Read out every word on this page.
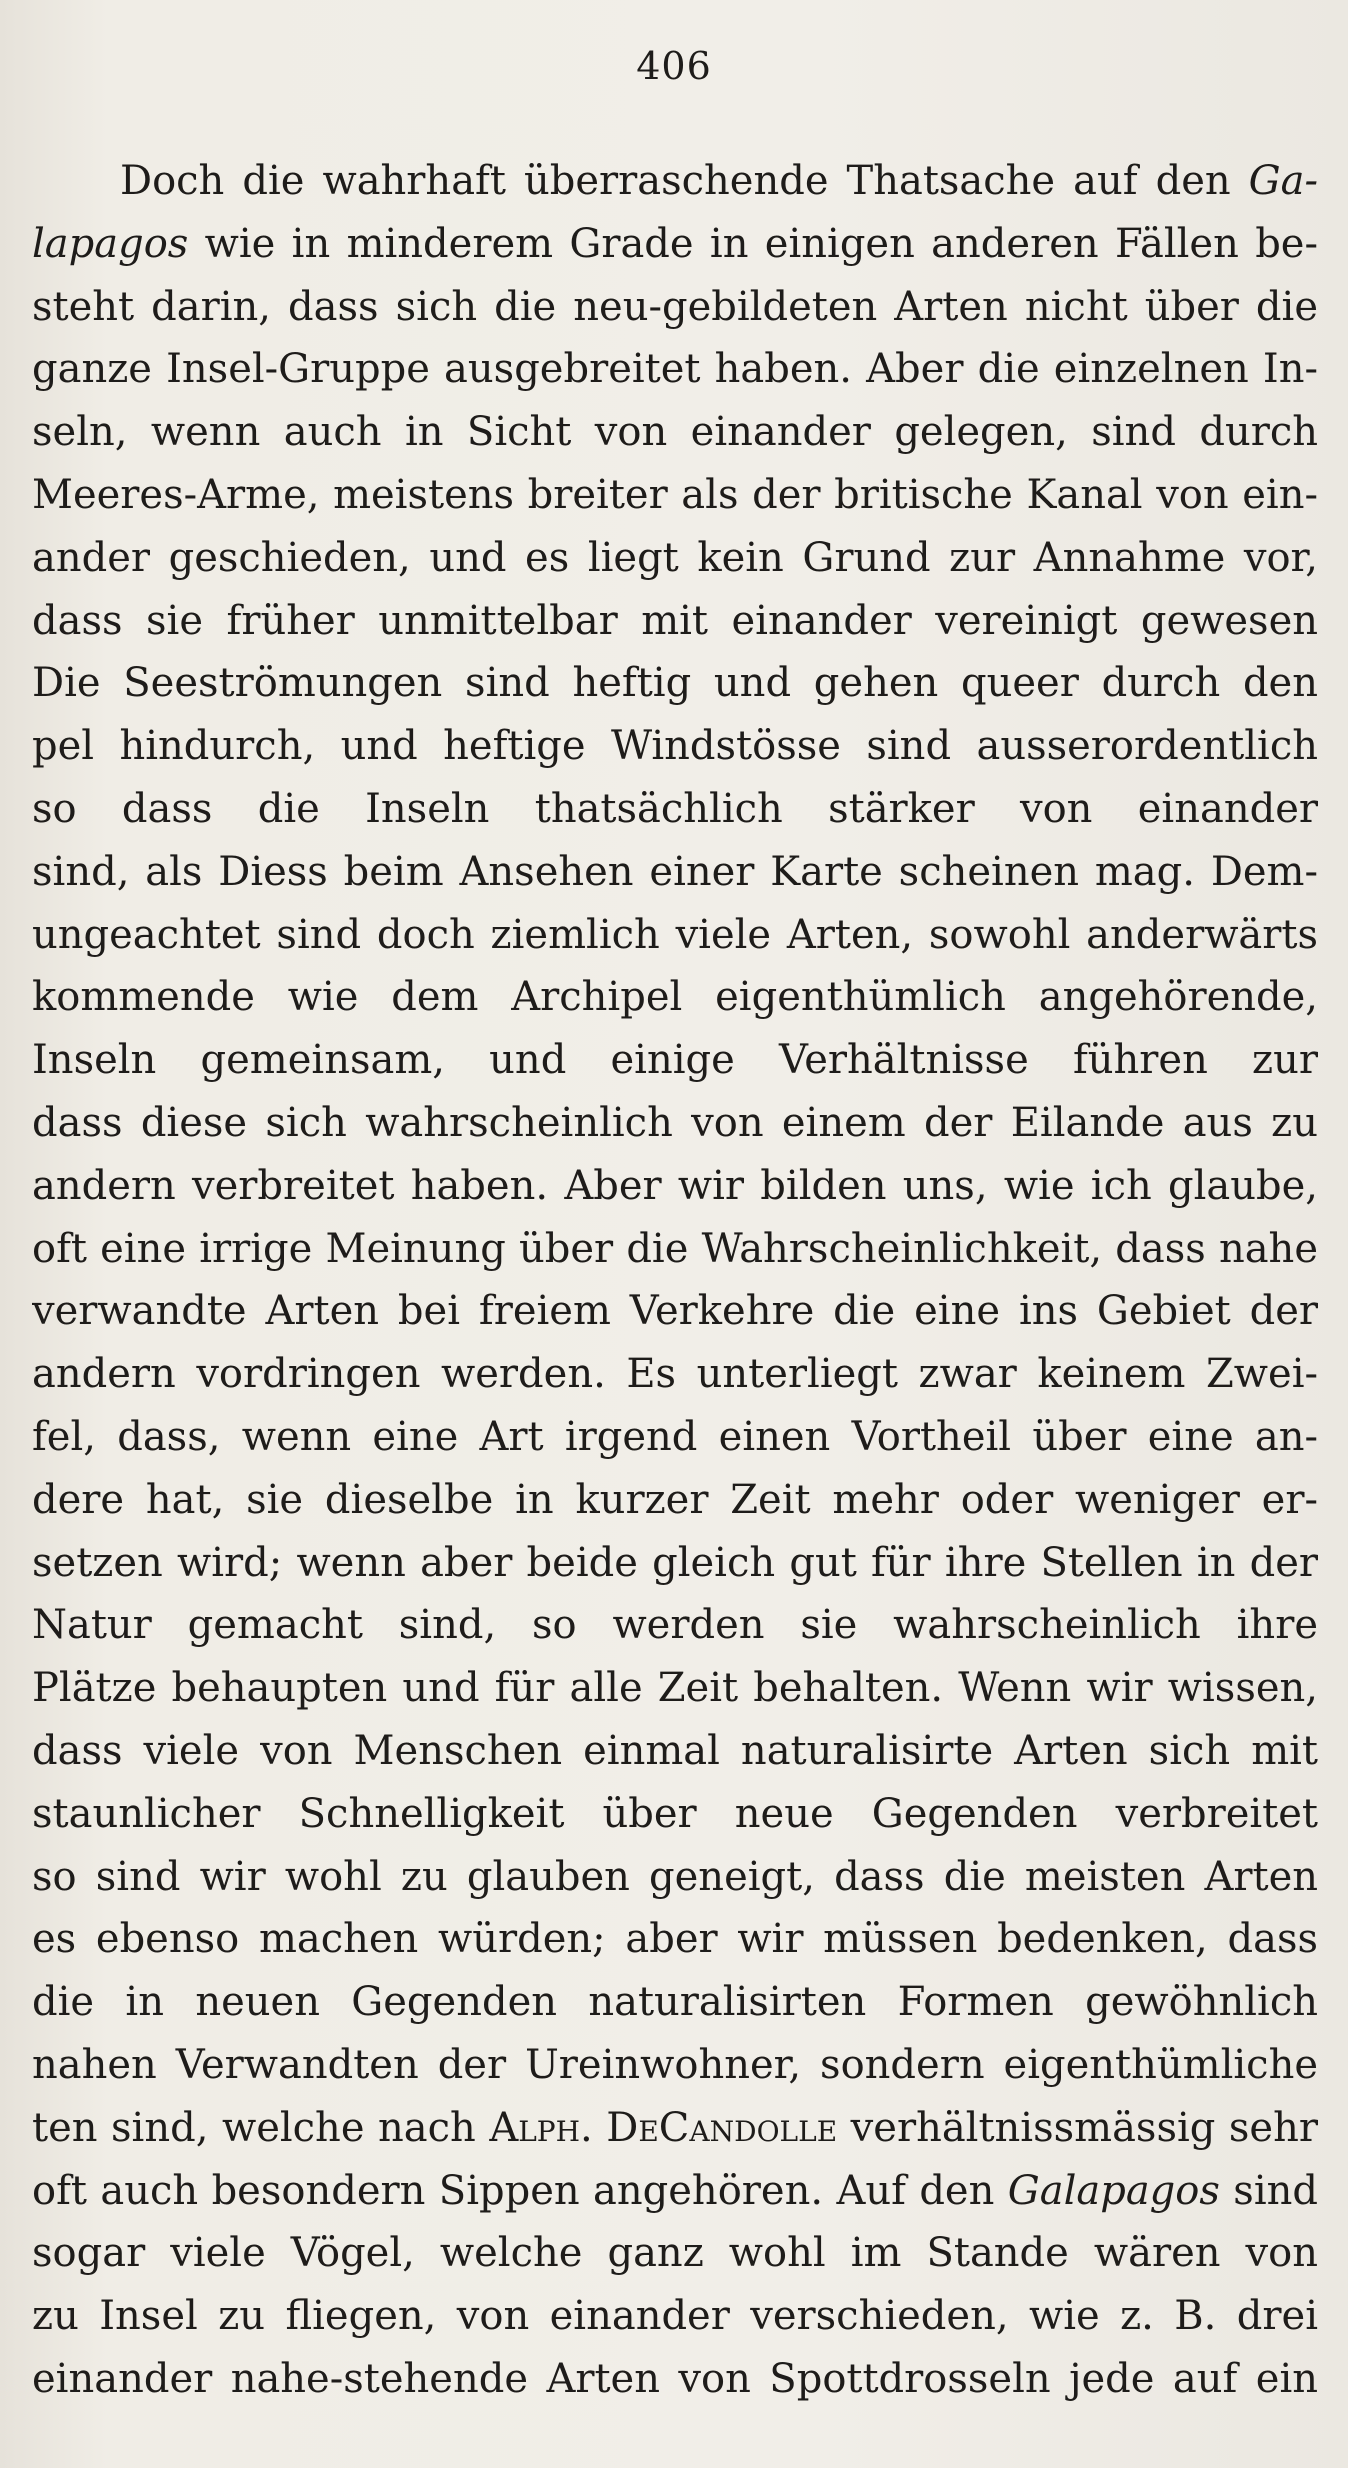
406
Doch die wahrhaft überraschende Thatsache auf den Ga-
lapagos wie in minderem Grade in einigen anderen Fällen be-
steht darin, dass sich die neu-gebildeten Arten nicht über die
ganze Insel-Gruppe ausgebreitet haben. Aber die einzelnen In-
seln, wenn auch in Sicht von einander gelegen, sind durch
Meeres-Arme, meistens breiter als der britische Kanal von ein-
ander geschieden, und es liegt kein Grund zur Annahme vor,
dass sie früher unmittelbar mit einander vereinigt gewesen
Die Seeströmungen sind heftig und gehen queer durch den
pel hindurch, und heftige Windstösse sind ausserordentlich
so dass die Inseln thatsächlich stärker von einander
sind, als Diess beim Ansehen einer Karte scheinen mag. Dem-
ungeachtet sind doch ziemlich viele Arten, sowohl anderwärts
kommende wie dem Archipel eigenthümlich angehörende,
Inseln gemeinsam, und einige Verhältnisse führen zur
dass diese sich wahrscheinlich von einem der Eilande aus zu
andern verbreitet haben. Aber wir bilden uns, wie ich glaube,
oft eine irrige Meinung über die Wahrscheinlichkeit, dass nahe
verwandte Arten bei freiem Verkehre die eine ins Gebiet der
andern vordringen werden. Es unterliegt zwar keinem Zwei-
fel, dass, wenn eine Art irgend einen Vortheil über eine an-
dere hat, sie dieselbe in kurzer Zeit mehr oder weniger er-
setzen wird; wenn aber beide gleich gut für ihre Stellen in der
Natur gemacht sind, so werden sie wahrscheinlich ihre
Plätze behaupten und für alle Zeit behalten. Wenn wir wissen,
dass viele von Menschen einmal naturalisirte Arten sich mit
staunlicher Schnelligkeit über neue Gegenden verbreitet
so sind wir wohl zu glauben geneigt, dass die meisten Arten
es ebenso machen würden; aber wir müssen bedenken, dass
die in neuen Gegenden naturalisirten Formen gewöhnlich
nahen Verwandten der Ureinwohner, sondern eigenthümliche
ten sind, welche nach Alph. DeCandolle verhältnissmässig sehr
oft auch besondern Sippen angehören. Auf den Galapagos sind
sogar viele Vögel, welche ganz wohl im Stande wären von
zu Insel zu fliegen, von einander verschieden, wie z. B. drei
einander nahe-stehende Arten von Spottdrosseln jede auf ein
